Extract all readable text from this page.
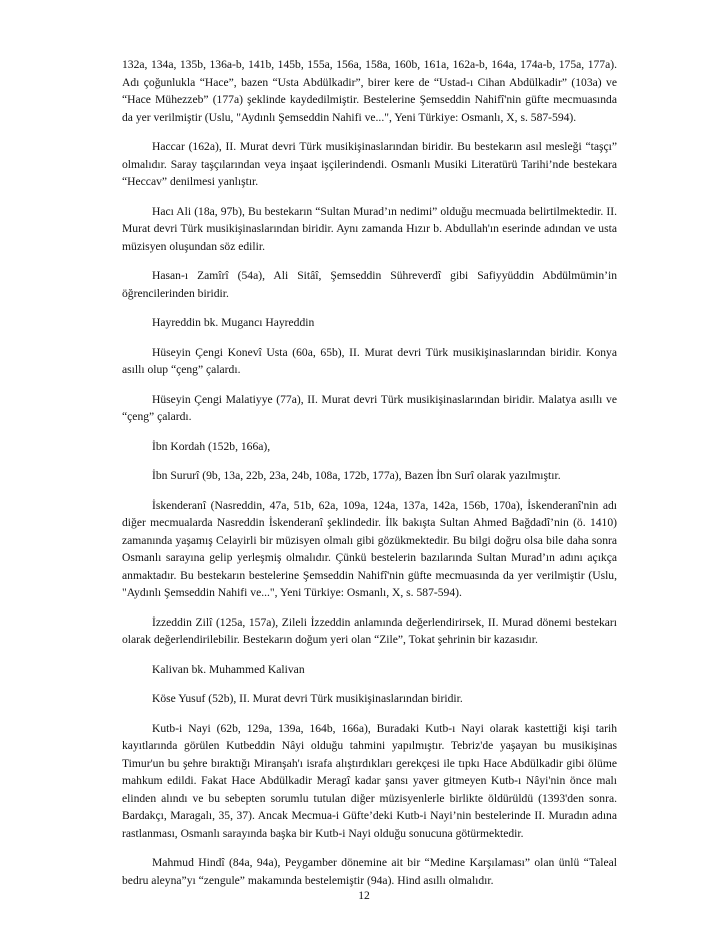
132a, 134a, 135b, 136a-b, 141b, 145b, 155a, 156a, 158a, 160b, 161a, 162a-b, 164a, 174a-b, 175a, 177a). Adı çoğunlukla “Hace”, bazen “Usta Abdülkadir”, birer kere de “Ustad-ı Cihan Abdülkadir” (103a) ve “Hace Mühezzeb” (177a) şeklinde kaydedilmiştir. Bestelerine Şemseddin Nahifî'nin güfte mecmuasında da yer verilmiştir (Uslu, "Aydınlı Şemseddin Nahifi ve...", Yeni Türkiye: Osmanlı, X, s. 587-594).

Haccar (162a), II. Murat devri Türk musikişinaslarından biridir. Bu bestekarın asıl mesleği “taşçı” olmalıdır. Saray taşçılarından veya inşaat işçilerindendi. Osmanlı Musiki Literatürü Tarihi’nde bestekara “Heccav” denilmesi yanlıştır.

Hacı Ali (18a, 97b), Bu bestekarın “Sultan Murad’ın nedimi” olduğu mecmuada belirtilmektedir. II. Murat devri Türk musikişinaslarından biridir. Aynı zamanda Hızır b. Abdullah'ın eserinde adından ve usta müzisyen oluşundan söz edilir.

Hasan-ı Zamîrî (54a), Ali Sitâî, Şemseddin Sühreverdî gibi Safiyyüddin Abdülmümin’in öğrencilerinden biridir.

Hayreddin bk. Mugancı Hayreddin

Hüseyin Çengi Konevî Usta (60a, 65b), II. Murat devri Türk musikişinaslarından biridir. Konya asıllı olup “çeng” çalardı.

Hüseyin Çengi Malatiyye (77a), II. Murat devri Türk musikişinaslarından biridir. Malatya asıllı ve “çeng” çalardı.

İbn Kordah (152b, 166a),

İbn Sururî (9b, 13a, 22b, 23a, 24b, 108a, 172b, 177a), Bazen İbn Surî olarak yazılmıştır.

İskenderanî (Nasreddin, 47a, 51b, 62a, 109a, 124a, 137a, 142a, 156b, 170a), İskenderanî'nin adı diğer mecmualarda Nasreddin İskenderanî şeklindedir. İlk bakışta Sultan Ahmed Bağdadî’nin (ö. 1410) zamanında yaşamış Celayirli bir müzisyen olmalı gibi gözükmektedir. Bu bilgi doğru olsa bile daha sonra Osmanlı sarayına gelip yerleşmiş olmalıdır. Çünkü bestelerin bazılarında Sultan Murad’ın adını açıkça anmaktadır. Bu bestekarın bestelerine Şemseddin Nahifî'nin güfte mecmuasında da yer verilmiştir (Uslu, "Aydınlı Şemseddin Nahifi ve...", Yeni Türkiye: Osmanlı, X, s. 587-594).

İzzeddin Zilî (125a, 157a), Zileli İzzeddin anlamında değerlendirirsek, II. Murad dönemi bestekarı olarak değerlendirilebilir. Bestekarın doğum yeri olan “Zile”, Tokat şehrinin bir kazasıdır.

Kalivan bk. Muhammed Kalivan

Köse Yusuf (52b), II. Murat devri Türk musikişinaslarından biridir.

Kutb-i Nayi (62b, 129a, 139a, 164b, 166a), Buradaki Kutb-ı Nayi olarak kastettiği kişi tarih kayıtlarında görülen Kutbeddin Nâyi olduğu tahmini yapılmıştır. Tebriz'de yaşayan bu musikişinas Timur'un bu şehre bıraktığı Miranşah'ı israfa alıştırdıkları gerekçesi ile tıpkı Hace Abdülkadir gibi ölüme mahkum edildi. Fakat Hace Abdülkadir Meragî kadar şansı yaver gitmeyen Kutb-ı Nâyi'nin önce malı elinden alındı ve bu sebepten sorumlu tutulan diğer müzisyenlerle birlikte öldürüldü (1393'den sonra. Bardakçı, Maragalı, 35, 37). Ancak Mecmua-i Güfte’deki Kutb-i Nayi’nin bestelerinde II. Muradın adına rastlanması, Osmanlı sarayında başka bir Kutb-i Nayi olduğu sonucuna götürmektedir.

Mahmud Hindî (84a, 94a), Peygamber dönemine ait bir “Medine Karşılaması” olan ünlü “Taleal bedru aleyna”yı “zengule” makamında bestelemiştir (94a). Hind asıllı olmalıdır.

12
